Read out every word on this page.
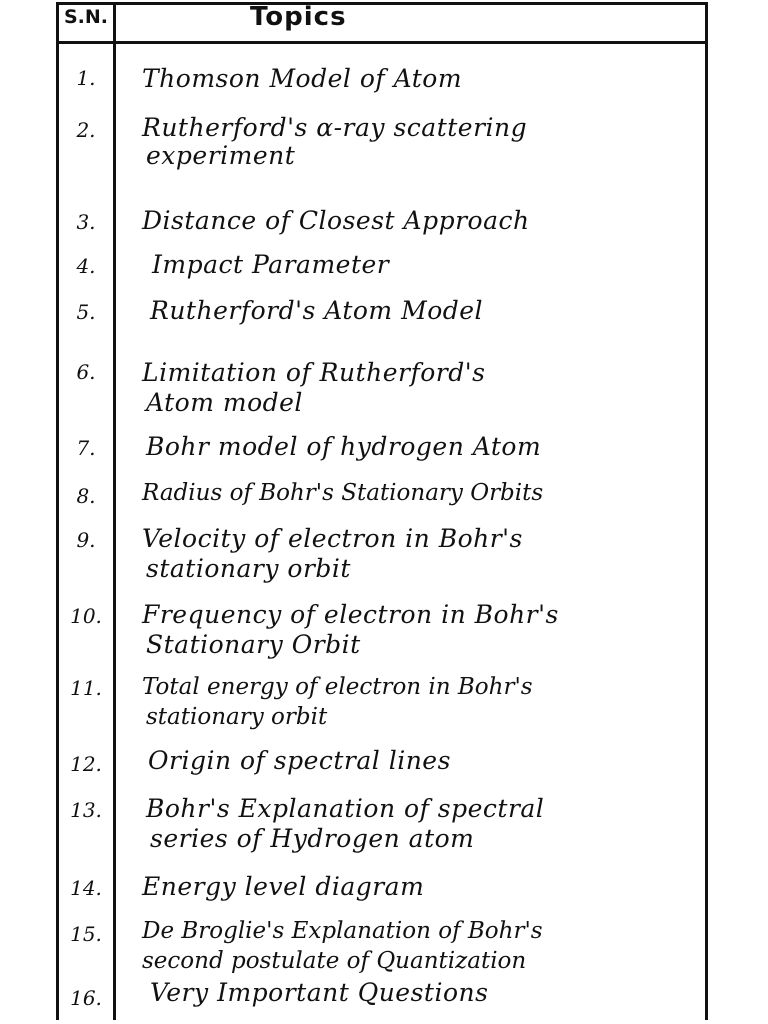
S.N.	Topics
1.	Thomson Model of Atom
2.	Rutherford's α-ray scattering
experiment
3.	Distance of Closest Approach
4.	Impact Parameter
5.	Rutherford's Atom Model
6.	Limitation of Rutherford's
Atom model
7.	Bohr model of hydrogen Atom
8.	Radius of Bohr's Stationary Orbits
9.	Velocity of electron in Bohr's
stationary orbit
10.	Frequency of electron in Bohr's
Stationary Orbit
11.	Total energy of electron in Bohr's
stationary orbit
12.	Origin of spectral lines
13.	Bohr's Explanation of spectral
series of Hydrogen atom
14.	Energy level diagram
15.	De Broglie's Explanation of Bohr's
second postulate of Quantization
16.	Very Important Questions
